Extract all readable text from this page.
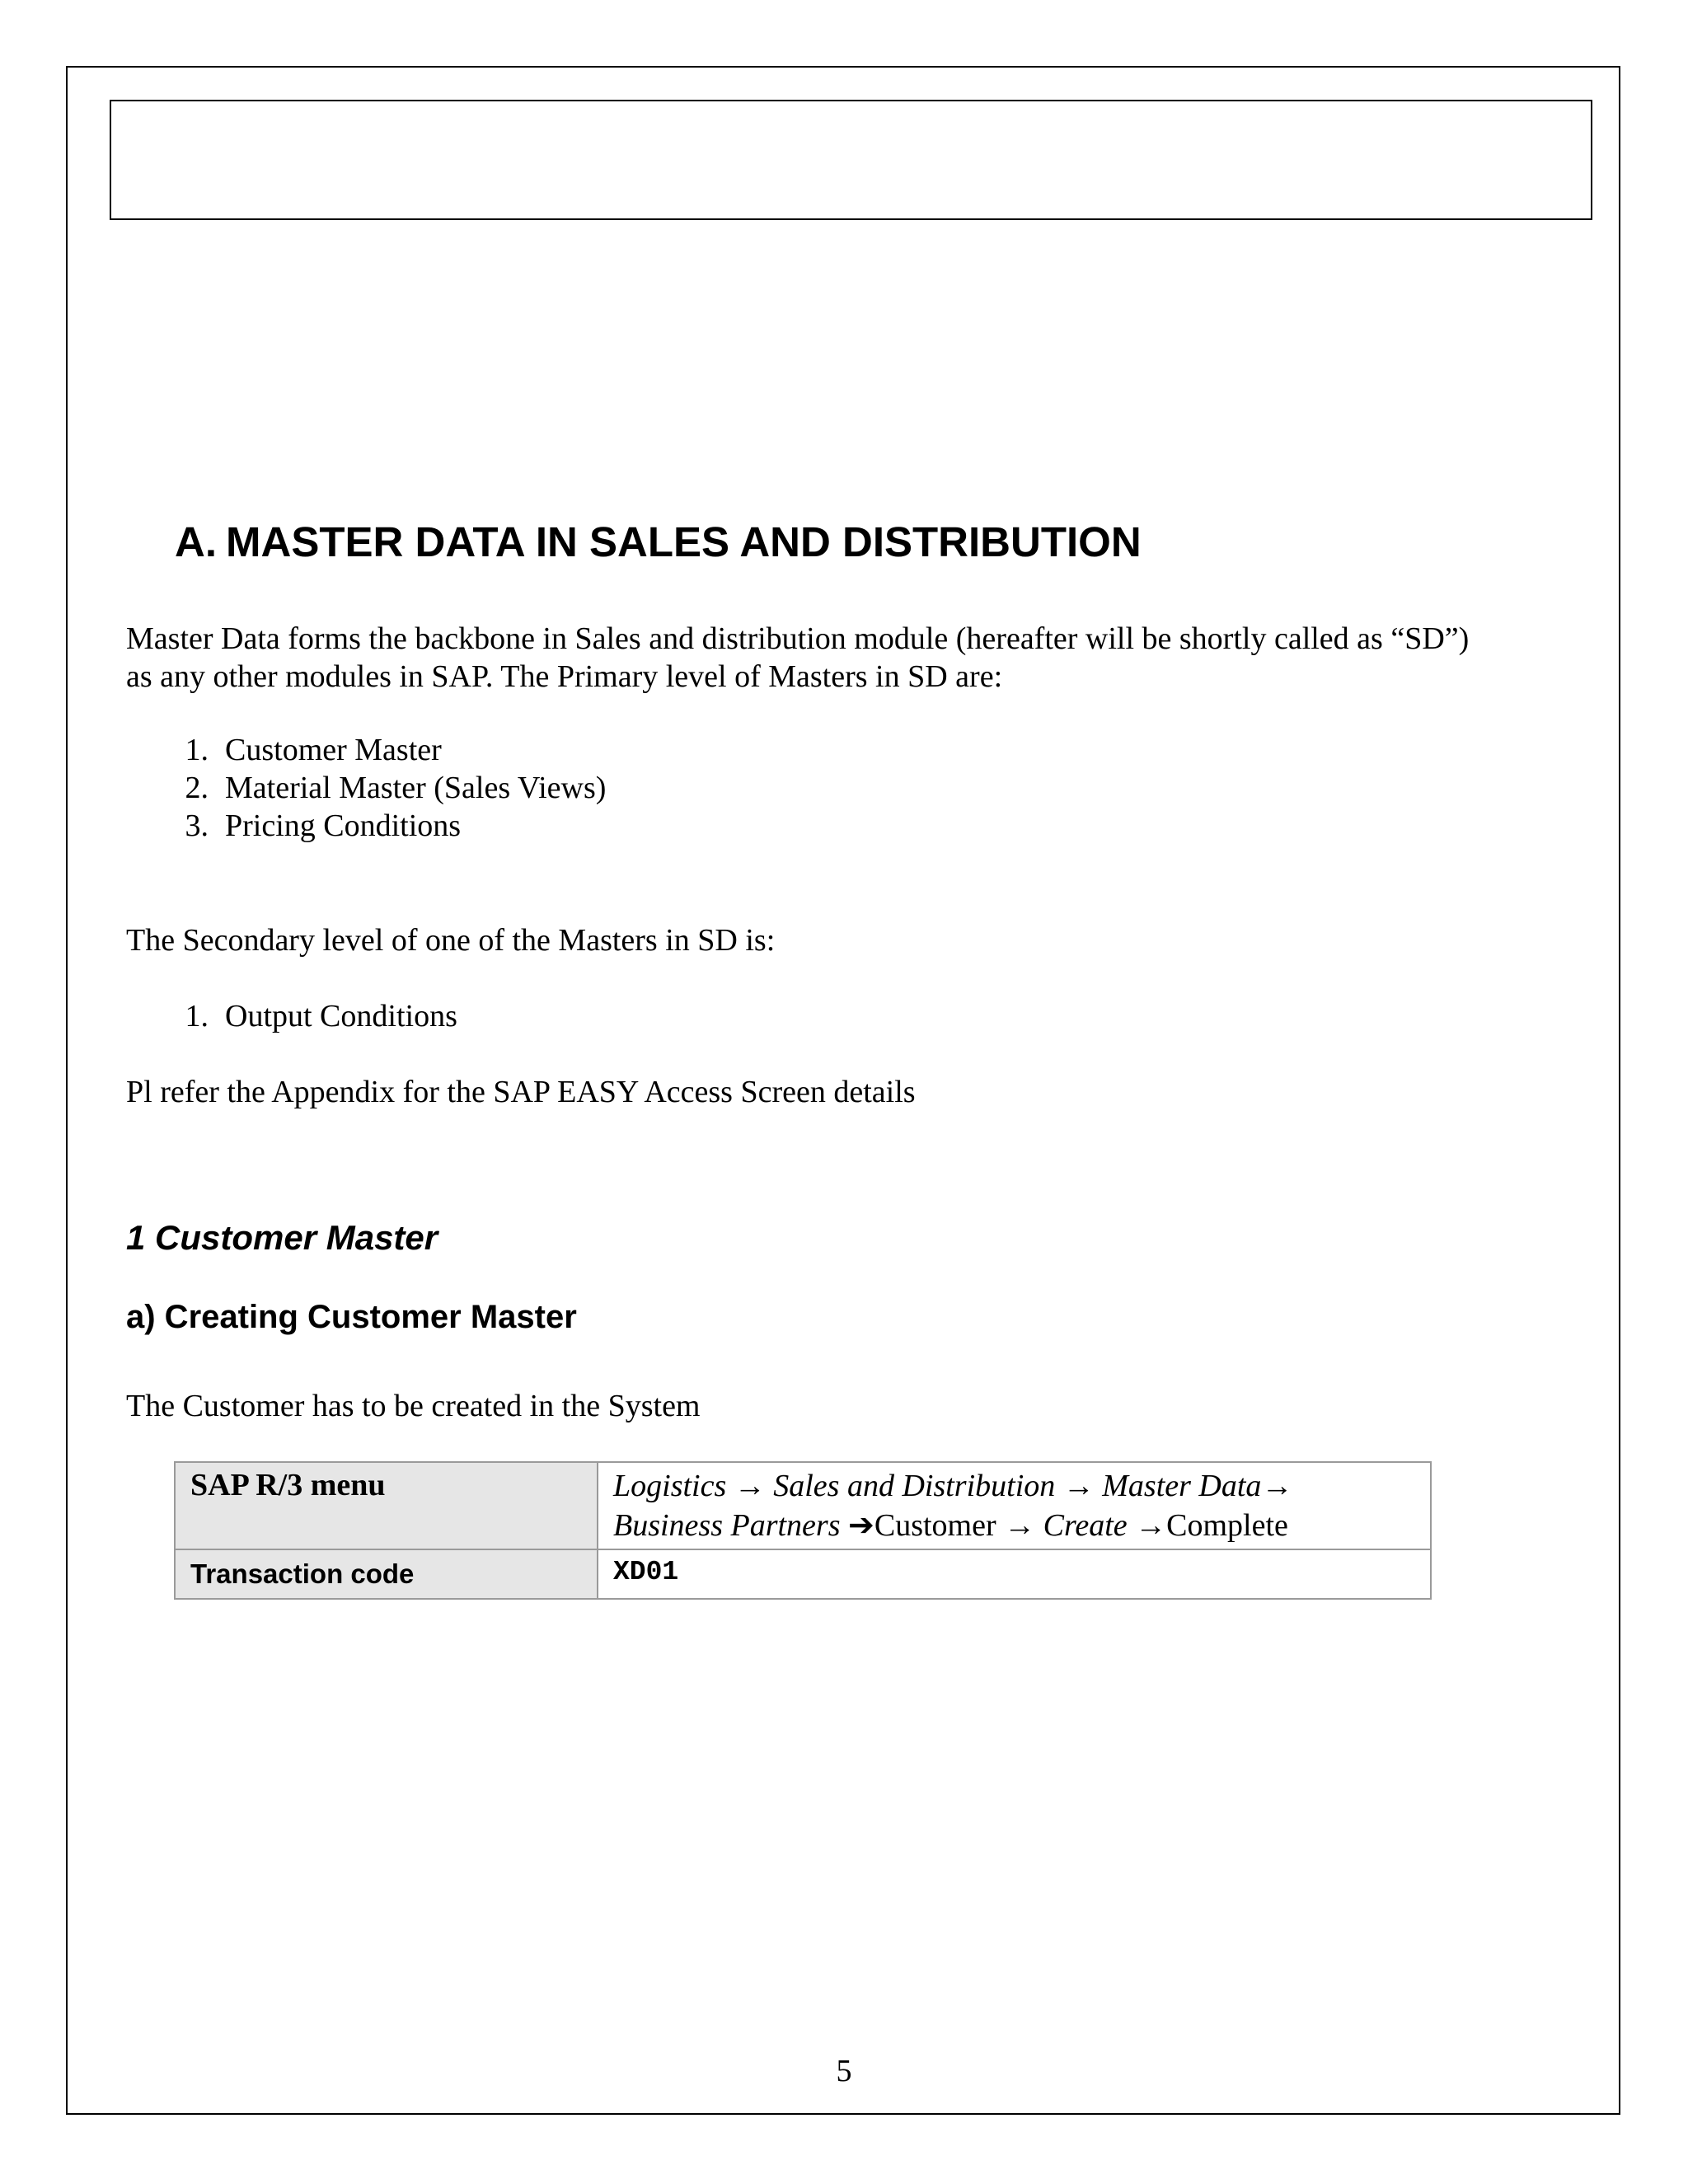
A. MASTER DATA IN SALES AND DISTRIBUTION
Master Data forms the backbone in Sales and distribution module (hereafter will be shortly called as “SD”)
as any other modules in SAP. The Primary level of Masters in SD are:
1. Customer Master
2. Material Master (Sales Views)
3. Pricing Conditions
The Secondary level of one of the Masters in SD is:
1. Output Conditions
Pl refer the Appendix for the SAP EASY Access Screen details
1 Customer Master
a) Creating Customer Master
The Customer has to be created in the System
SAP R/3 menu	Logistics → Sales and Distribution → Master Data→
Business Partners ➔Customer → Create →Complete

Transaction code	XD01
5
